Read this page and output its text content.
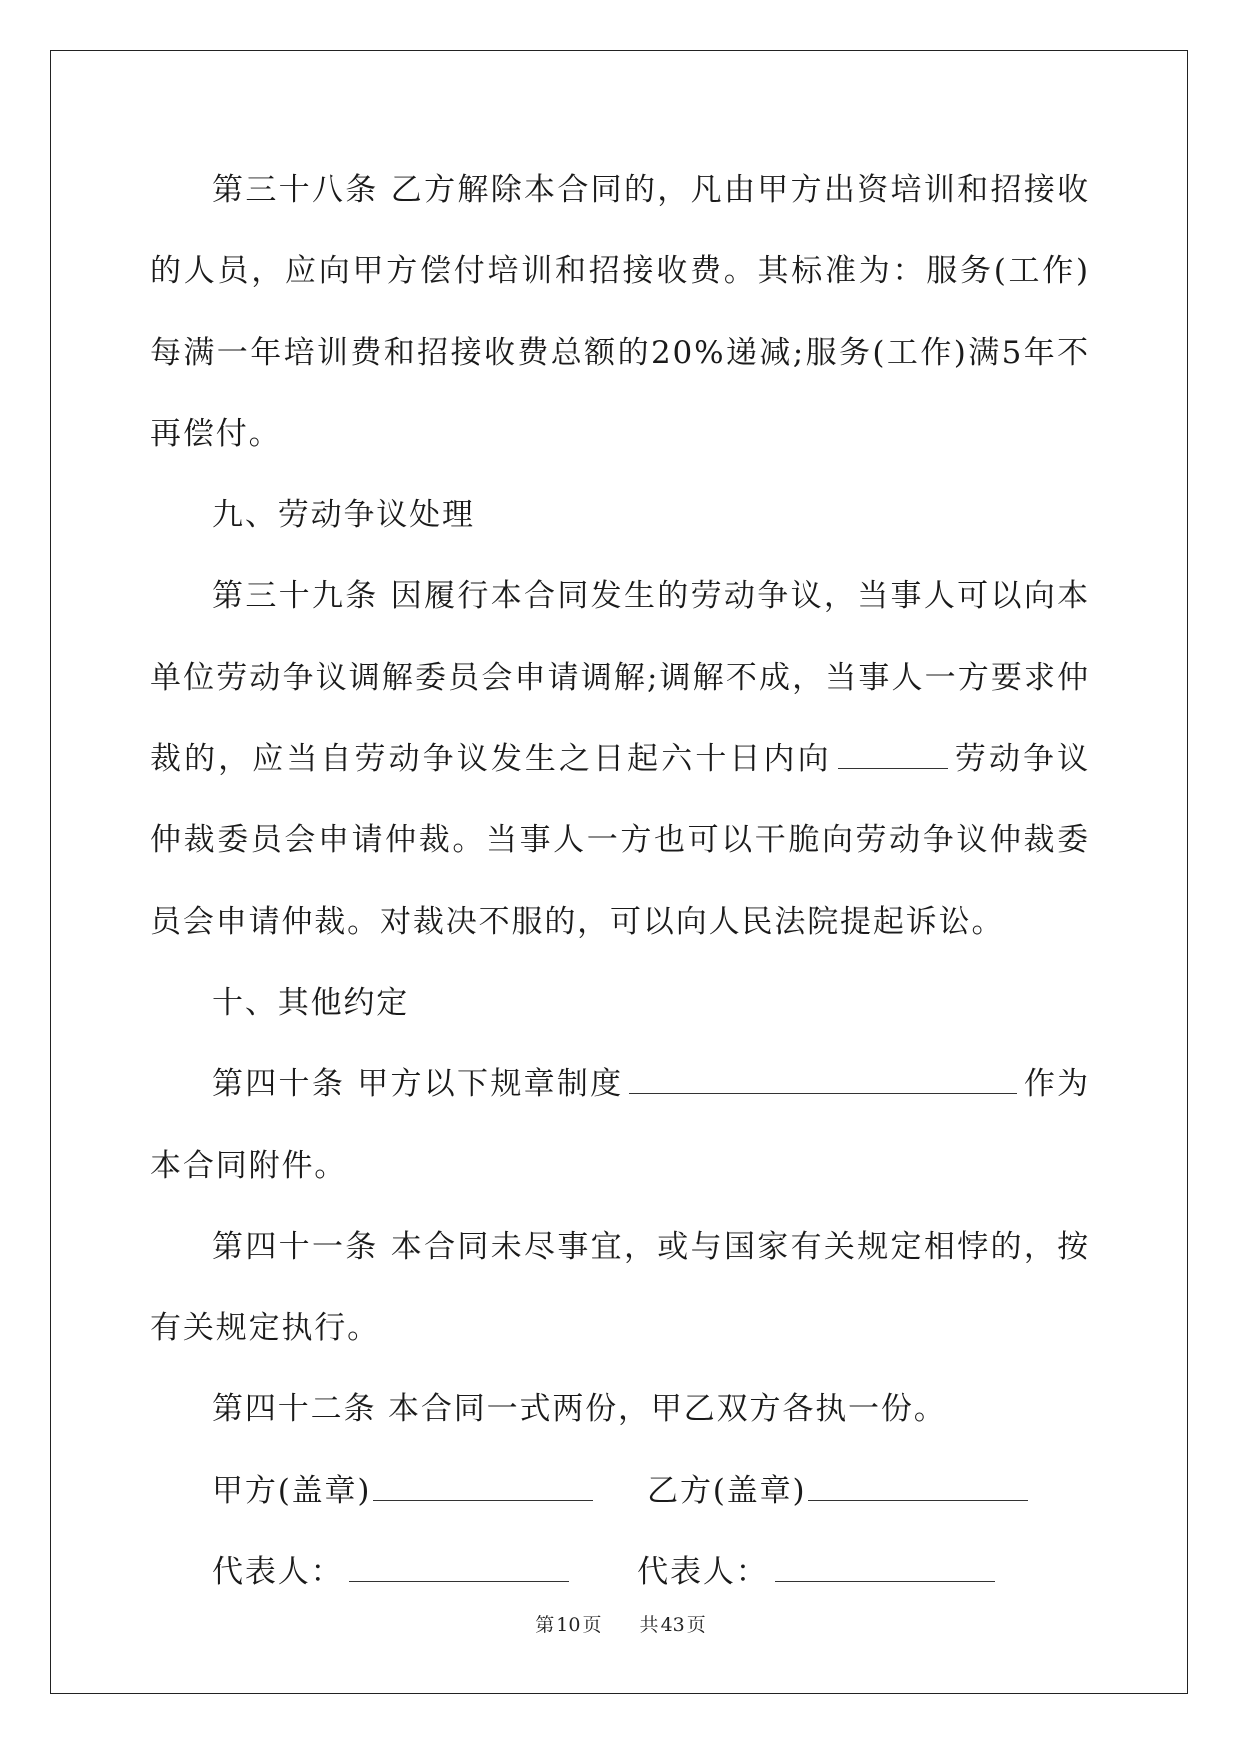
第三十八条 乙方解除本合同的，凡由甲方出资培训和招接收的人员，应向甲方偿付培训和招接收费。其标准为：服务(工作)每满一年培训费和招接收费总额的20%递减;服务(工作)满5年不再偿付。

九、劳动争议处理

第三十九条 因履行本合同发生的劳动争议，当事人可以向本单位劳动争议调解委员会申请调解;调解不成，当事人一方要求仲裁的，应当自劳动争议发生之日起六十日内向	劳动争议仲裁委员会申请仲裁。当事人一方也可以干脆向劳动争议仲裁委员会申请仲裁。对裁决不服的，可以向人民法院提起诉讼。

十、其他约定

第四十条 甲方以下规章制度	作为本合同附件。

第四十一条 本合同未尽事宜，或与国家有关规定相悖的，按有关规定执行。

第四十二条 本合同一式两份，甲乙双方各执一份。

甲方(盖章)	乙方(盖章)
代表人：	代表人：
第 10 页 共 43 页
